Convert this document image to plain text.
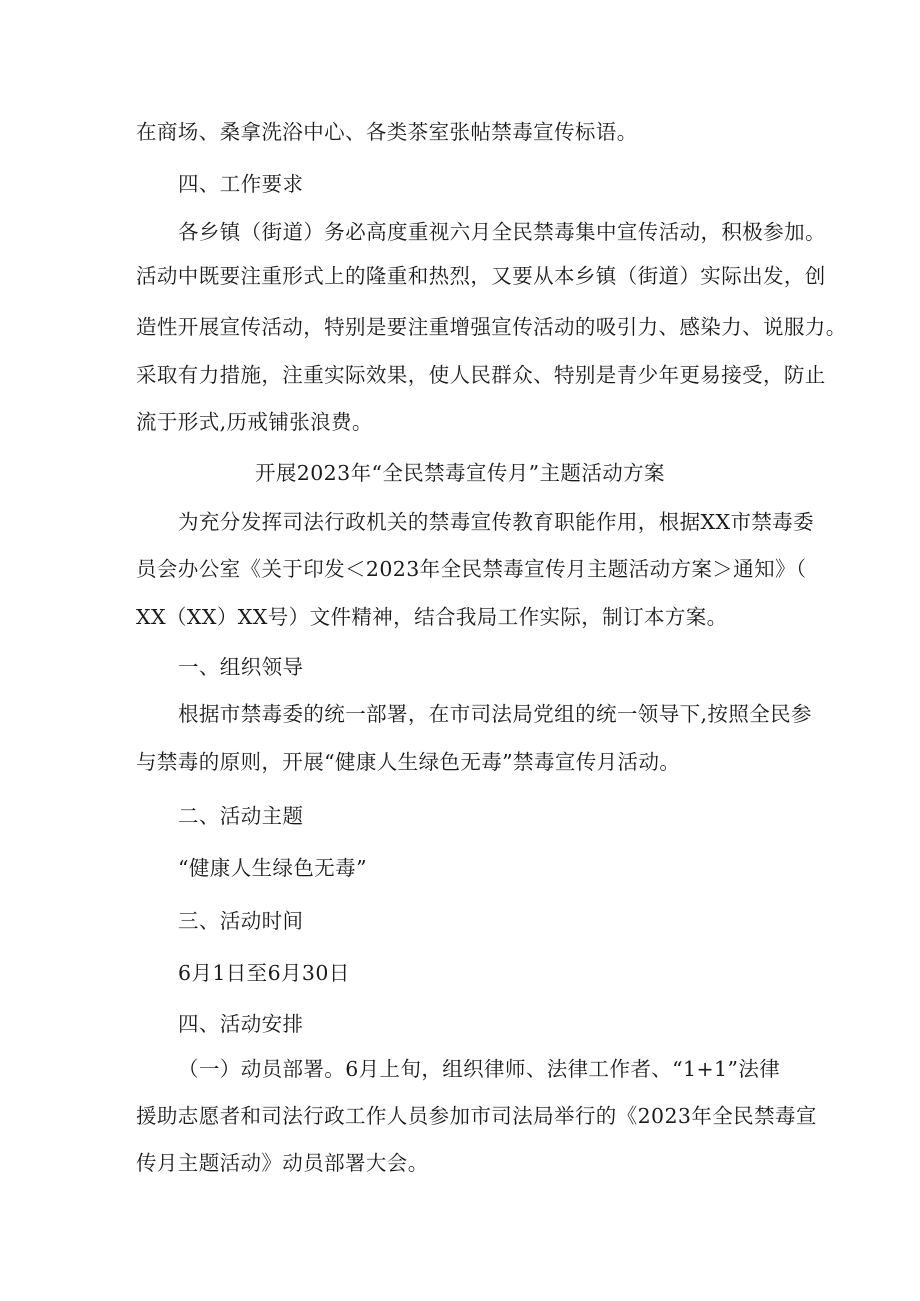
在商场、桑拿洗浴中心、各类茶室张帖禁毒宣传标语。
四、工作要求
各乡镇（街道）务必高度重视六月全民禁毒集中宣传活动，积极参加。
活动中既要注重形式上的隆重和热烈，又要从本乡镇（街道）实际出发，创
造性开展宣传活动，特别是要注重增强宣传活动的吸引力、感染力、说服力。
采取有力措施，注重实际效果，使人民群众、特别是青少年更易接受，防止
流于形式,历戒铺张浪费。
开展2023年“全民禁毒宣传月”主题活动方案
为充分发挥司法行政机关的禁毒宣传教育职能作用，根据XX市禁毒委
员会办公室《关于印发＜2023年全民禁毒宣传月主题活动方案＞通知》（
XX（XX）XX号）文件精神，结合我局工作实际，制订本方案。
一、组织领导
根据市禁毒委的统一部署，在市司法局党组的统一领导下,按照全民参
与禁毒的原则，开展“健康人生绿色无毒”禁毒宣传月活动。
二、活动主题
“健康人生绿色无毒”
三、活动时间
6月1日至6月30日
四、活动安排
（一）动员部署。6月上旬，组织律师、法律工作者、“1+1”法律
援助志愿者和司法行政工作人员参加市司法局举行的《2023年全民禁毒宣
传月主题活动》动员部署大会。
